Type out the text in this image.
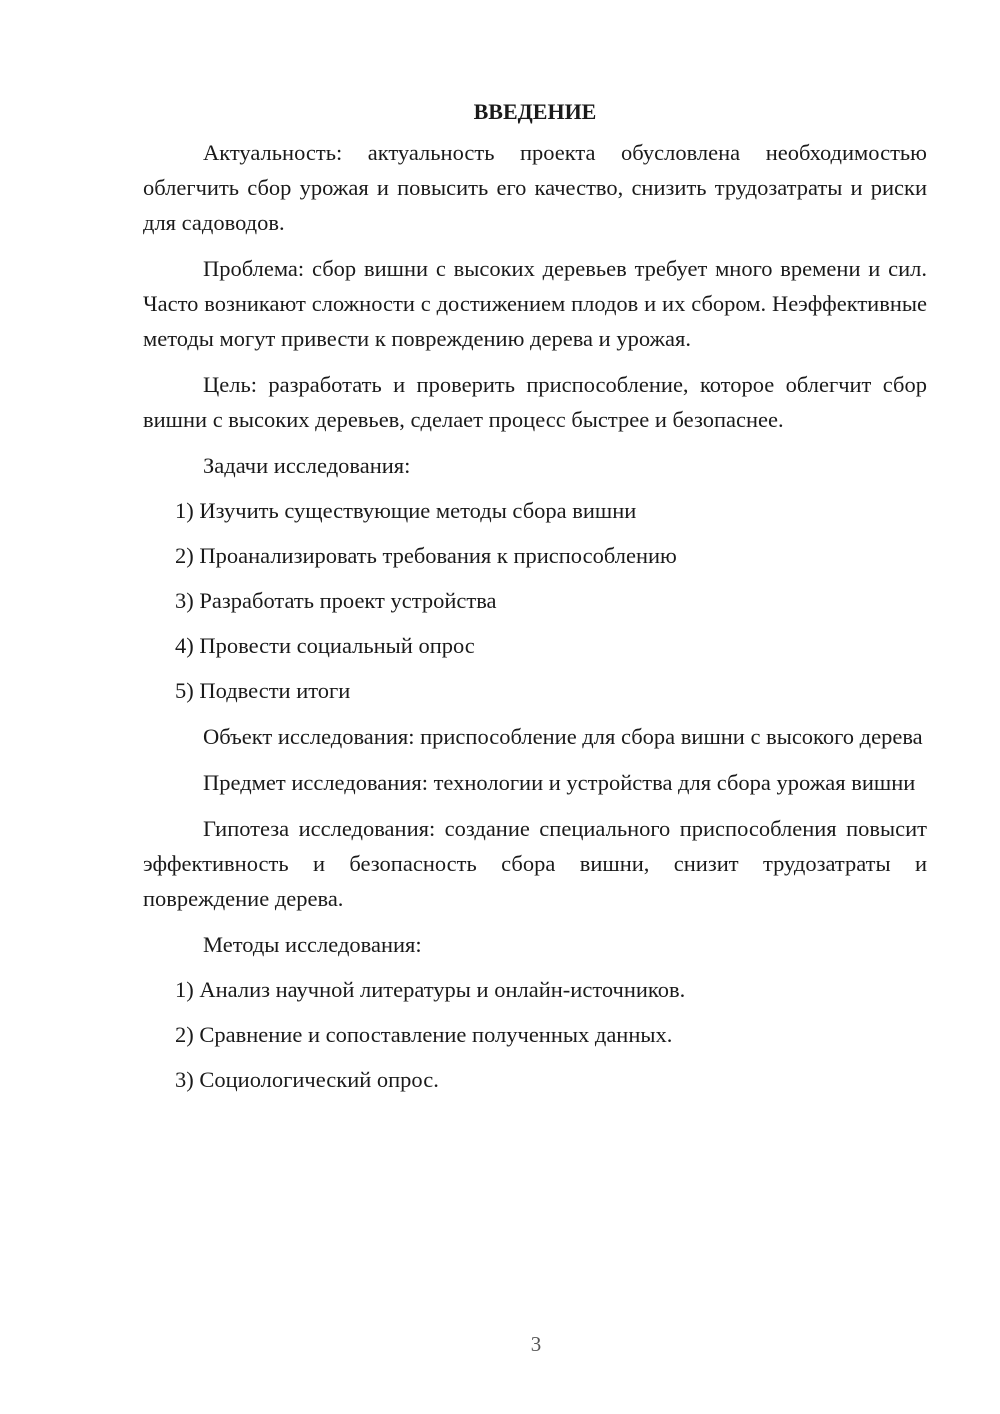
ВВЕДЕНИЕ

Актуальность: актуальность проекта обусловлена необходимостью облегчить сбор урожая и повысить его качество, снизить трудозатраты и риски для садоводов.

Проблема: сбор вишни с высоких деревьев требует много времени и сил. Часто возникают сложности с достижением плодов и их сбором. Неэффективные методы могут привести к повреждению дерева и урожая.

Цель: разработать и проверить приспособление, которое облегчит сбор вишни с высоких деревьев, сделает процесс быстрее и безопаснее.

Задачи исследования:

1) Изучить существующие методы сбора вишни

2) Проанализировать требования к приспособлению

3) Разработать проект устройства

4) Провести социальный опрос

5) Подвести итоги

Объект исследования: приспособление для сбора вишни с высокого дерева

Предмет исследования: технологии и устройства для сбора урожая вишни

Гипотеза исследования: создание специального приспособления повысит эффективность и безопасность сбора вишни, снизит трудозатраты и повреждение дерева.

Методы исследования:

1) Анализ научной литературы и онлайн-источников.

2) Сравнение и сопоставление полученных данных.

3) Социологический опрос.

3
